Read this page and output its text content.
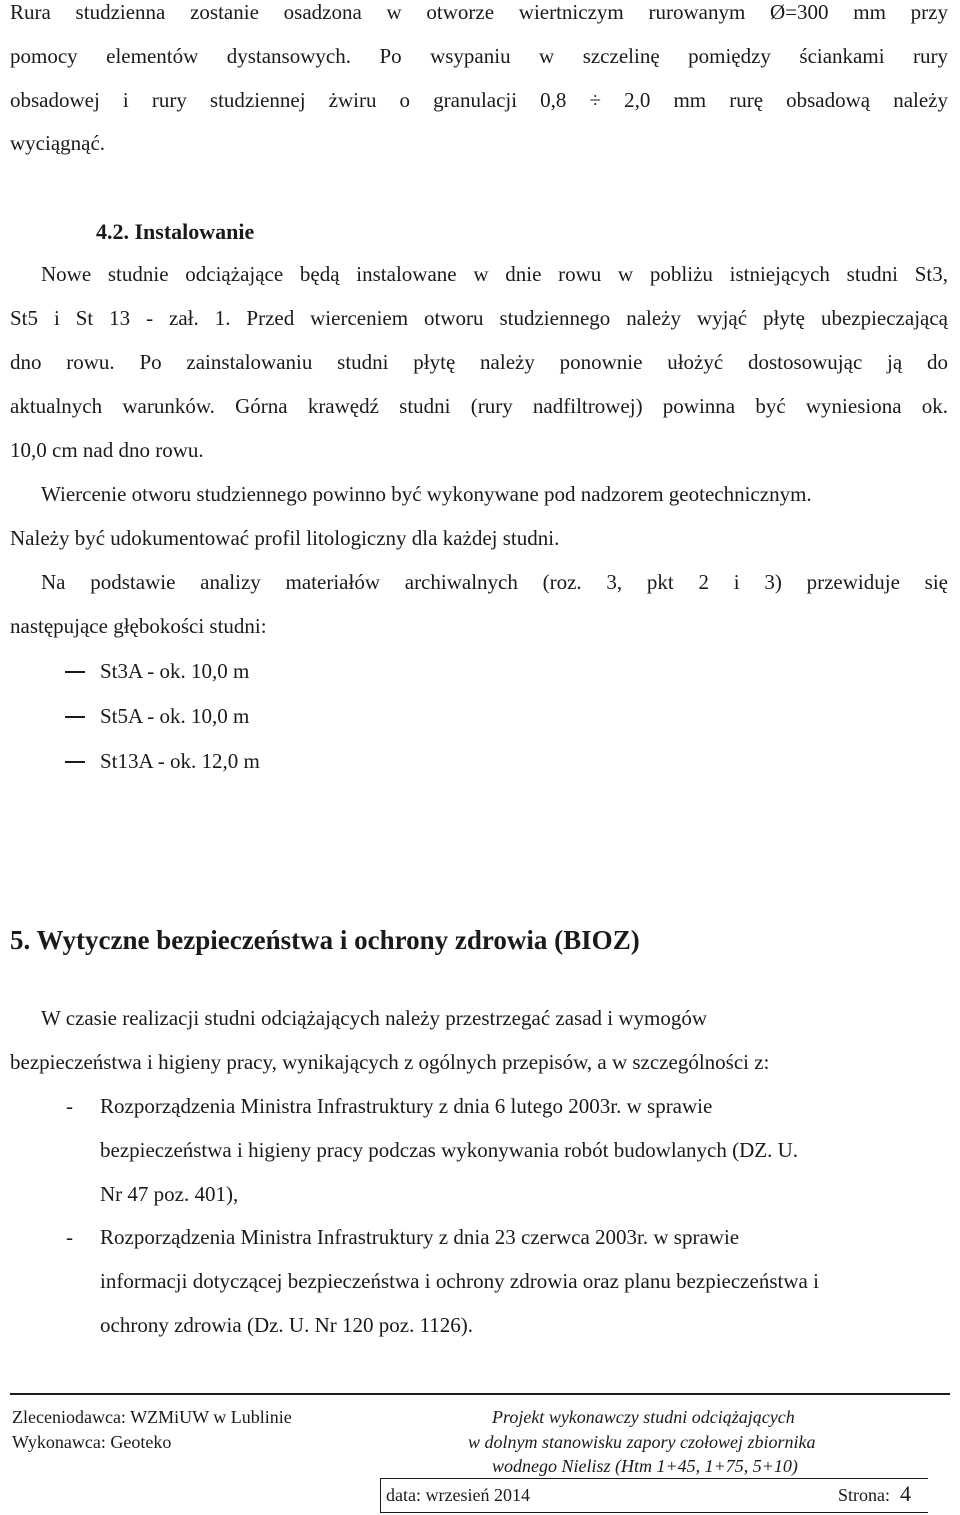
Rura studzienna zostanie osadzona w otworze wiertniczym rurowanym Ø=300 mm przy
pomocy elementów dystansowych. Po wsypaniu w szczelinę pomiędzy ściankami rury
obsadowej i rury studziennej żwiru o granulacji 0,8 ÷ 2,0 mm rurę obsadową należy
wyciągnąć.
4.2. Instalowanie
Nowe studnie odciążające będą instalowane w dnie rowu w pobliżu istniejących studni St3,
St5 i St 13 - zał. 1. Przed wierceniem otworu studziennego należy wyjąć płytę ubezpieczającą
dno rowu. Po zainstalowaniu studni płytę należy ponownie ułożyć dostosowując ją do
aktualnych warunków. Górna krawędź studni (rury nadfiltrowej) powinna być wyniesiona ok.
10,0 cm nad dno rowu.
Wiercenie otworu studziennego powinno być wykonywane pod nadzorem geotechnicznym.
Należy być udokumentować profil litologiczny dla każdej studni.
Na podstawie analizy materiałów archiwalnych (roz. 3, pkt 2 i 3) przewiduje się
następujące głębokości studni:
St3A - ok. 10,0 m
St5A - ok. 10,0 m
St13A - ok. 12,0 m
5. Wytyczne bezpieczeństwa i ochrony zdrowia (BIOZ)
W czasie realizacji studni odciążających należy przestrzegać zasad i wymogów
bezpieczeństwa i higieny pracy, wynikających z ogólnych przepisów, a w szczególności z:
- Rozporządzenia Ministra Infrastruktury z dnia 6 lutego 2003r. w sprawie
bezpieczeństwa i higieny pracy podczas wykonywania robót budowlanych (DZ. U.
Nr 47 poz. 401),
- Rozporządzenia Ministra Infrastruktury z dnia 23 czerwca 2003r. w sprawie
informacji dotyczącej bezpieczeństwa i ochrony zdrowia oraz planu bezpieczeństwa i
ochrony zdrowia (Dz. U. Nr 120 poz. 1126).
Zleceniodawca: WZMiUW w Lublinie
Wykonawca: Geoteko
Projekt wykonawczy studni odciążających
w dolnym stanowisku zapory czołowej zbiornika
wodnego Nielisz (Htm 1+45, 1+75, 5+10)
data: wrzesień 2014	Strona: 4
